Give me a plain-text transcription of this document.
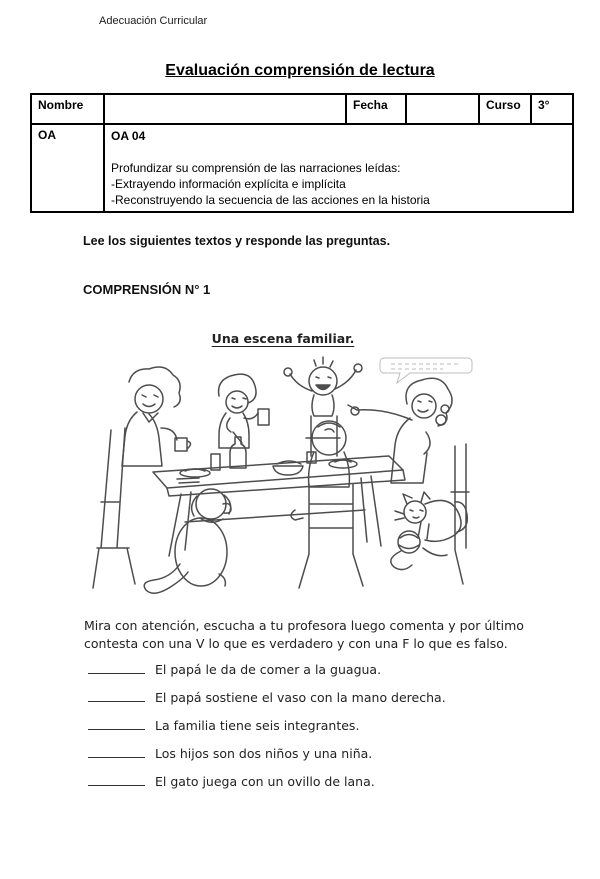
Adecuación Curricular
Evaluación comprensión de lectura
Nombre		Fecha		Curso	3°
OA	OA 04
Profundizar su comprensión de las narraciones leídas:
-Extrayendo información explícita e implícita
-Reconstruyendo la secuencia de las acciones en la historia				
Lee los siguientes textos y responde las preguntas.
COMPRENSIÓN N° 1
Una escena familiar.
Mira con atención, escucha a tu profesora luego comenta y por último
contesta con una V lo que es verdadero y con una F lo que es falso.
El papá le da de comer a la guagua.
El papá sostiene el vaso con la mano derecha.
La familia tiene seis integrantes.
Los hijos son dos niños y una niña.
El gato juega con un ovillo de lana.
